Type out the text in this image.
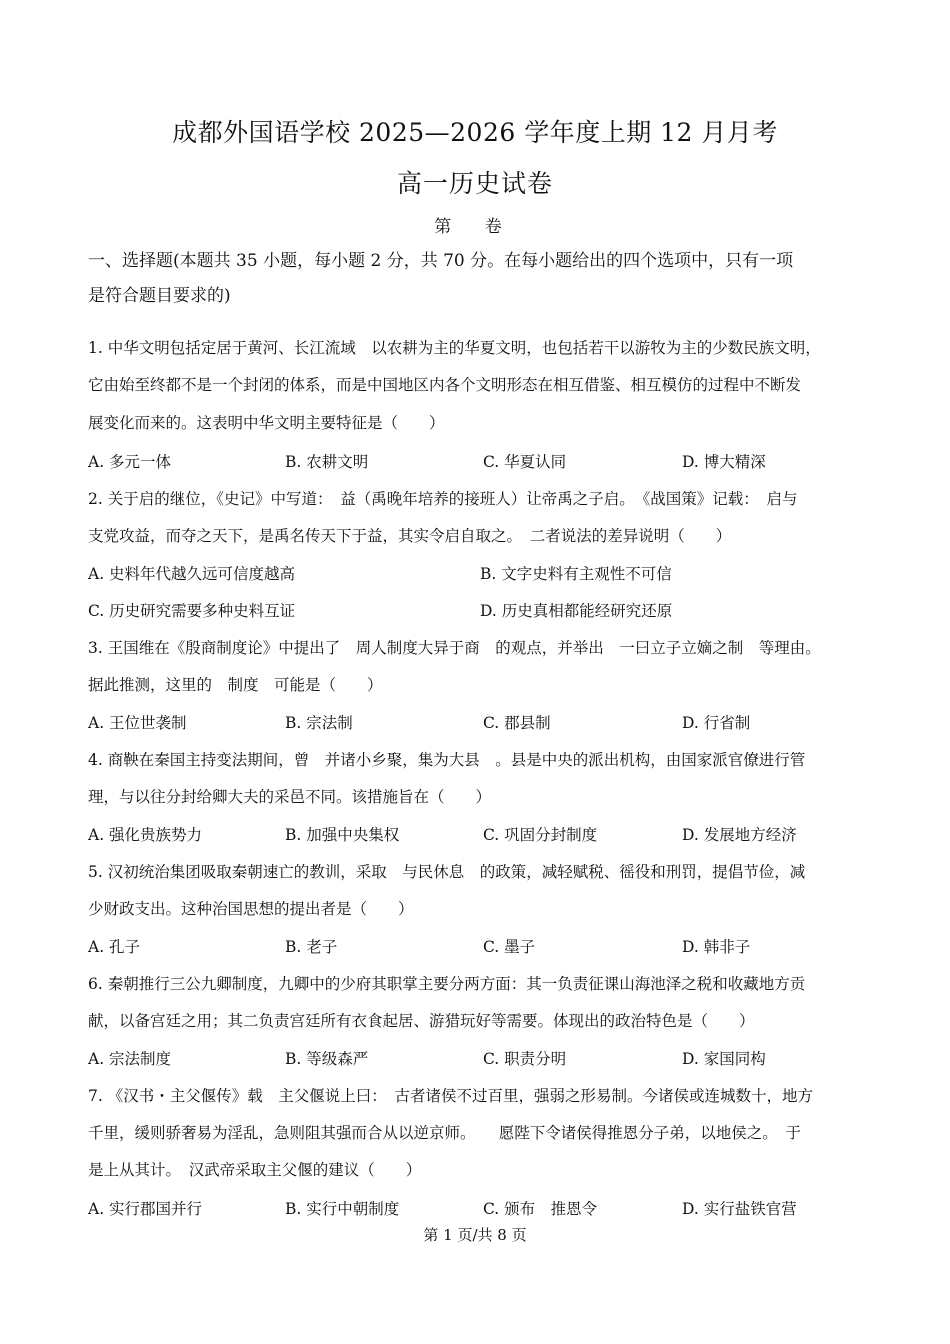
成都外国语学校 2025—2026 学年度上期 12 月月考
高一历史试卷
第 卷
一、选择题(本题共 35 小题，每小题 2 分，共 70 分。在每小题给出的四个选项中，只有一项
是符合题目要求的)
1. 中华文明包括定居于黄河、长江流域　以农耕为主的华夏文明，也包括若干以游牧为主的少数民族文明，
它由始至终都不是一个封闭的体系，而是中国地区内各个文明形态在相互借鉴、相互模仿的过程中不断发
展变化而来的。这表明中华文明主要特征是（　　）
A. 多元一体	B. 农耕文明	C. 华夏认同	D. 博大精深
2. 关于启的继位，《史记》中写道：　益（禹晚年培养的接班人）让帝禹之子启。　《战国策》记载：　启与
支党攻益，而夺之天下，是禹名传天下于益，其实令启自取之。　二者说法的差异说明（　　）
A. 史料年代越久远可信度越高	B. 文字史料有主观性不可信
C. 历史研究需要多种史料互证	D. 历史真相都能经研究还原
3. 王国维在《殷商制度论》中提出了　周人制度大异于商　的观点，并举出　一曰立子立嫡之制　等理由。
据此推测，这里的　制度　可能是（　　）
A. 王位世袭制	B. 宗法制	C. 郡县制	D. 行省制
4. 商鞅在秦国主持变法期间，曾　并诸小乡聚，集为大县　。县是中央的派出机构，由国家派官僚进行管
理，与以往分封给卿大夫的采邑不同。该措施旨在（　　）
A. 强化贵族势力	B. 加强中央集权	C. 巩固分封制度	D. 发展地方经济
5. 汉初统治集团吸取秦朝速亡的教训，采取　与民休息　的政策，减轻赋税、徭役和刑罚，提倡节俭，减
少财政支出。这种治国思想的提出者是（　　）
A. 孔子	B. 老子	C. 墨子	D. 韩非子
6. 秦朝推行三公九卿制度，九卿中的少府其职掌主要分两方面：其一负责征课山海池泽之税和收藏地方贡
献，以备宫廷之用；其二负责宫廷所有衣食起居、游猎玩好等需要。体现出的政治特色是（　　）
A. 宗法制度	B. 等级森严	C. 职责分明	D. 家国同构
7. 《汉书・主父偃传》载　主父偃说上曰：　古者诸侯不过百里，强弱之形易制。今诸侯或连城数十，地方
千里，缓则骄奢易为淫乱，急则阻其强而合从以逆京师。　　愿陛下令诸侯得推恩分子弟，以地侯之。　于
是上从其计。　汉武帝采取主父偃的建议（　　）
A. 实行郡国并行	B. 实行中朝制度	C. 颁布　推恩令	D. 实行盐铁官营
第 1 页/共 8 页
